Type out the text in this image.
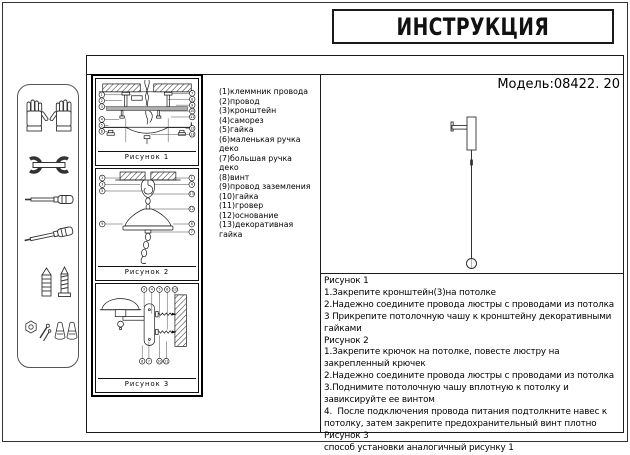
ИНСТРУКЦИЯ
Модель:08422. 20
1
2
3
4
5
6
7
8
9
10
11
12
13
Рисунок 1
2
3
5
9
1
4
13
12
6
7
Рисунок 2
3 4 5 8 12
6 7 10 11
Рисунок 3
(1)клеммник провода
(2)провод
(3)кронштейн
(4)саморез
(5)гайка
(6)маленькая ручка деко
(7)большая ручка деко
(8)винт
(9)провод заземления
(10)гайка
(11)гровер
(12)основание
(13)декоративная гайка

Рисунок 1

1.Закрепите кронштейн(3)на потолке

2.Надежно соедините провода люстры с проводами из потолка

3 Прикрепите потолочную чашу к кронштейну декоративными гайками

Рисунок 2

1.Закрепите крючок на потолке, повесте люстру на закрепленный крючек

2.Надежно соедините провода люстры с проводами из потолка

3.Поднимите потолочную чашу вплотную к потолку и завиксируйте ее винтом

4.  После подключения провода питания подтолкните навес к потолку, затем закрепите предохранительный винт плотно

Рисунок 3

способ установки аналогичный рисунку 1
